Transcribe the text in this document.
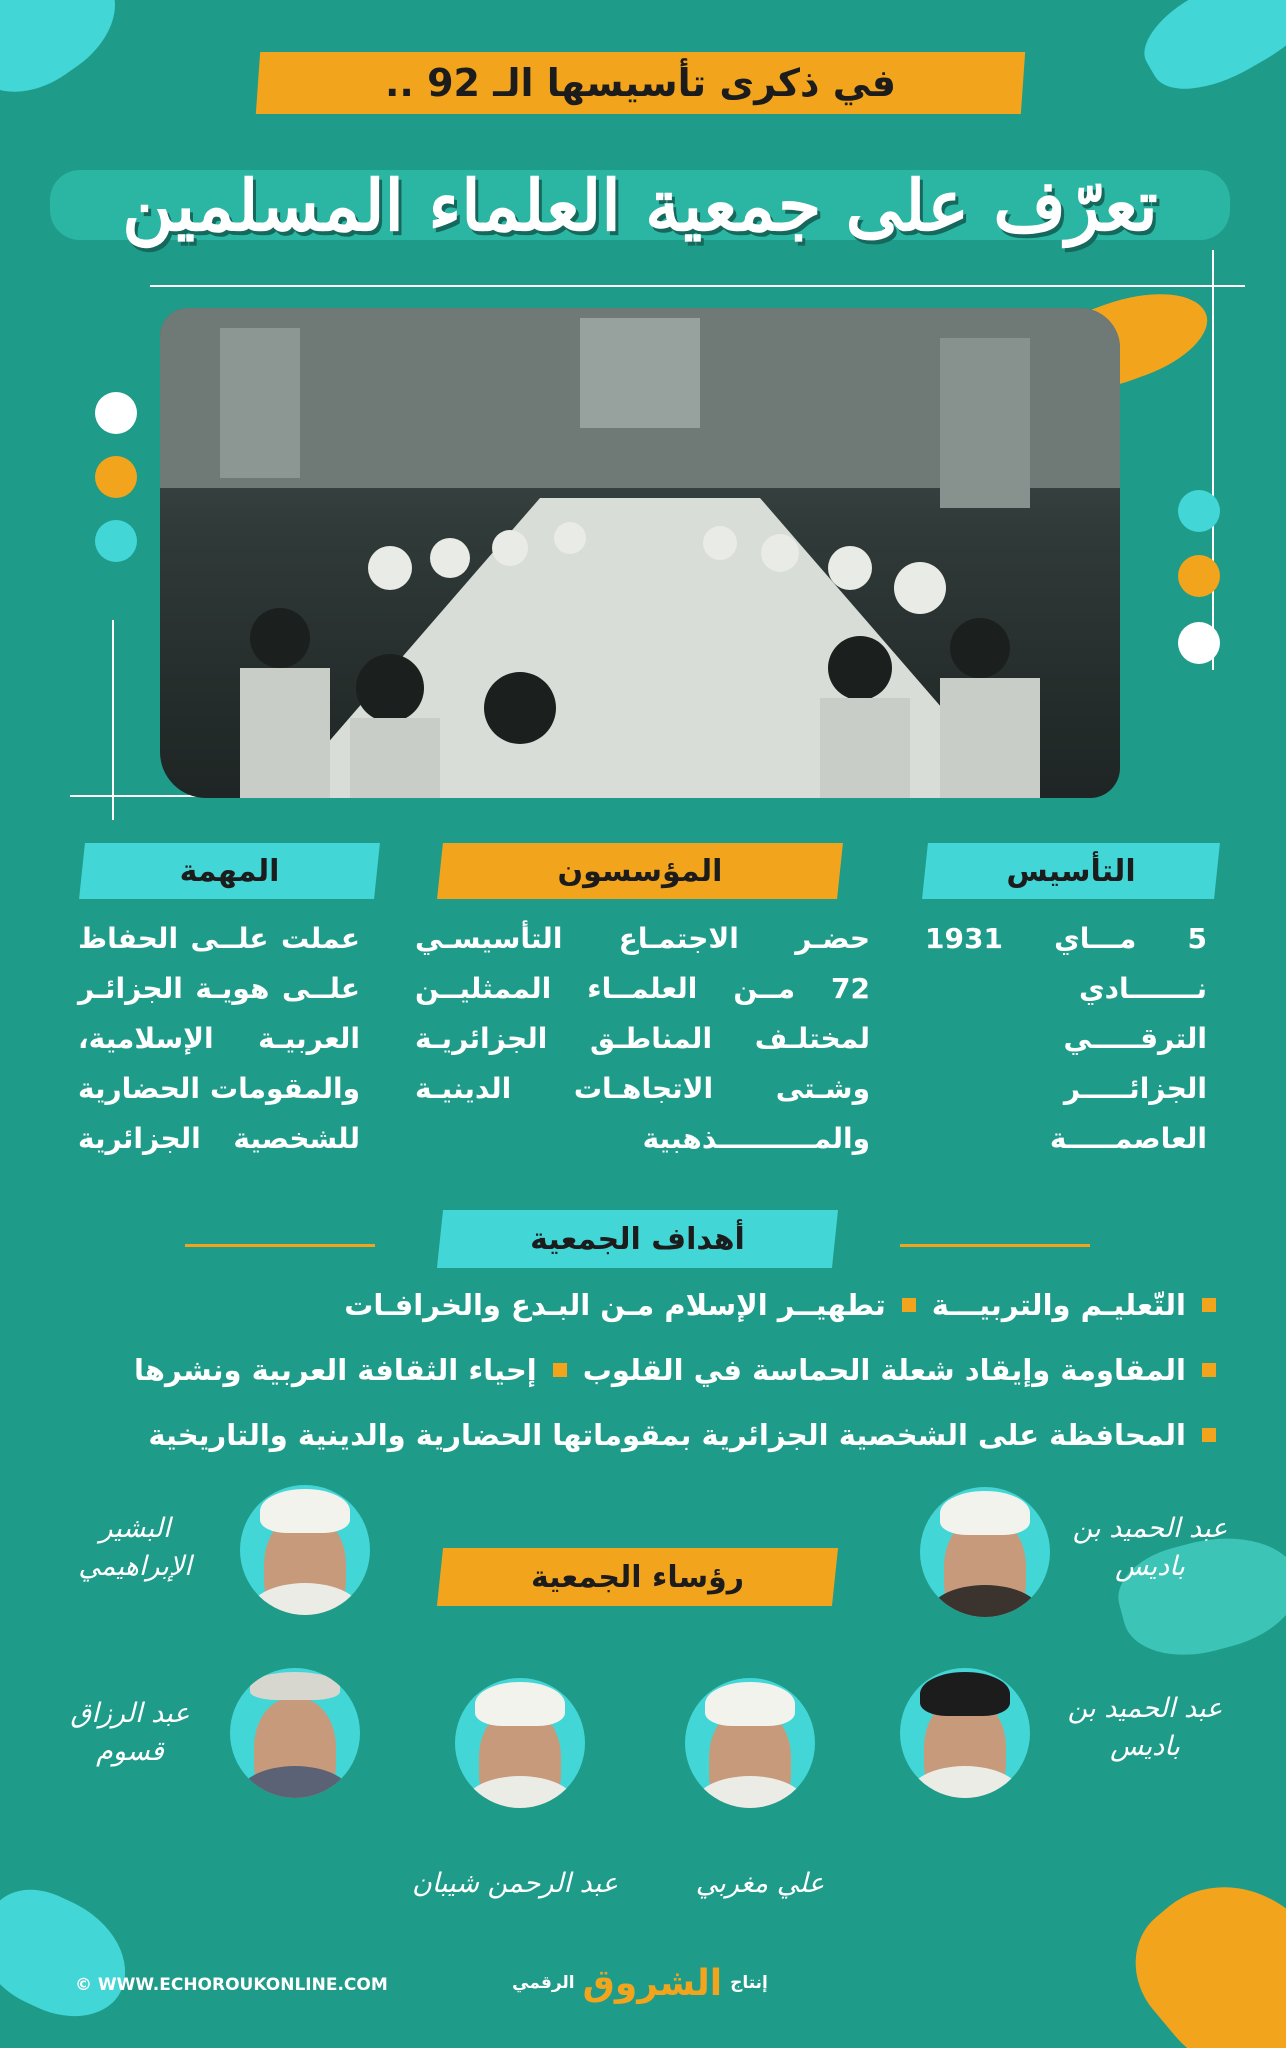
في ذكرى تأسيسها الـ 92 ..
تعرّف على جمعية العلماء المسلمين
التأسيس
المؤسسون
المهمة
5 مـــاي 1931
نـــــــادي
الترقـــــي
الجزائـــــر
العاصمـــــة
حضـر الاجتمـاع التأسيسـي
72 مــن العلمــاء الممثليــن
لمختلـف المناطـق الجزائريـة
وشـتى الاتجاهـات الدينيـة
والمــــــــــذهبية
عملت علــى الحفاظ
علــى هويـة الجزائـر
العربيـة الإسلامية،
والمقومات الحضارية
للشخصية الجزائرية
أهداف الجمعية
التّعليـم والتربيـــة
تطهيــر الإسلام مـن البـدع والخرافـات
المقاومة وإيقاد شعلة الحماسة في القلوب
إحياء الثقافة العربية ونشرها
المحافظة على الشخصية الجزائرية بمقوماتها الحضارية والدينية والتاريخية
رؤساء الجمعية
عبد الحميد بن باديس
البشير الإبراهيمي
عبد الحميد بن باديس
علي مغربي
عبد الرحمن شيبان
عبد الرزاق قسوم
© WWW.ECHOROUKONLINE.COM	إنتاج
الشروق
الرقمي
